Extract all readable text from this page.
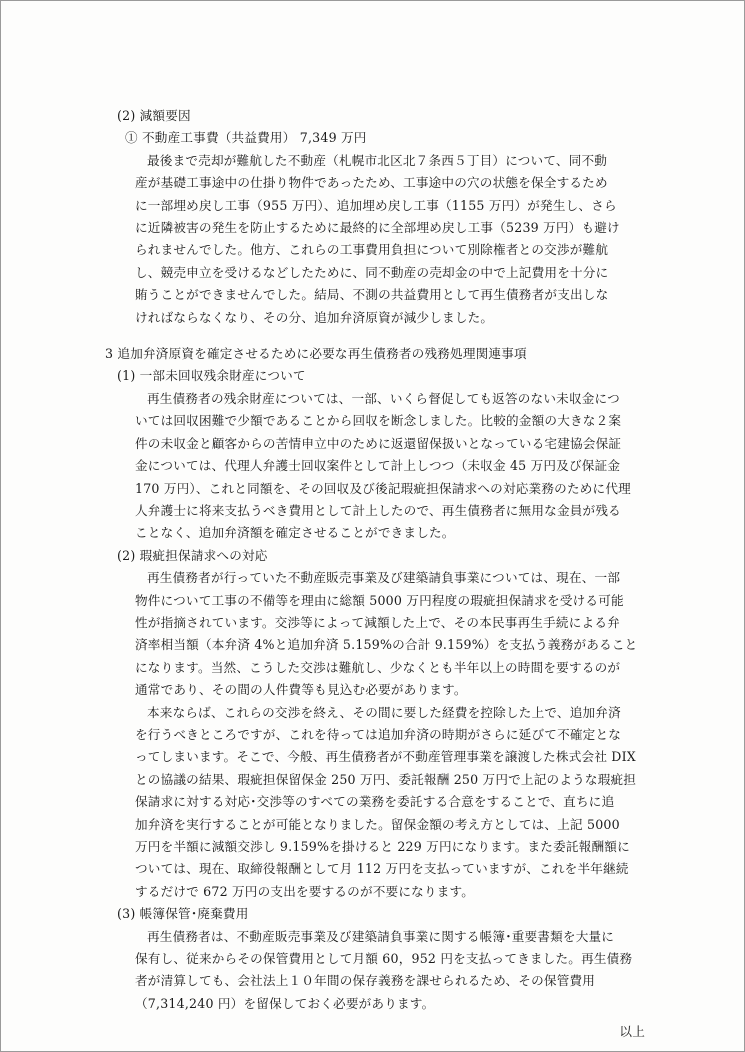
(2) 減額要因
① 不動産工事費（共益費用） 7,349 万円
最後まで売却が難航した不動産（札幌市北区北７条西５丁目）について、同不動
産が基礎工事途中の仕掛り物件であったため、工事途中の穴の状態を保全するため
に一部埋め戻し工事（955 万円）、追加埋め戻し工事（1155 万円）が発生し、さら
に近隣被害の発生を防止するために最終的に全部埋め戻し工事（5239 万円）も避け
られませんでした。他方、これらの工事費用負担について別除権者との交渉が難航
し、競売申立を受けるなどしたために、同不動産の売却金の中で上記費用を十分に
賄うことができませんでした。結局、不測の共益費用として再生債務者が支出しな
ければならなくなり、その分、追加弁済原資が減少しました。
3 追加弁済原資を確定させるために必要な再生債務者の残務処理関連事項
(1) 一部未回収残余財産について
再生債務者の残余財産については、一部、いくら督促しても返答のない未収金につ
いては回収困難で少額であることから回収を断念しました。比較的金額の大きな２案
件の未収金と顧客からの苦情申立中のために返還留保扱いとなっている宅建協会保証
金については、代理人弁護士回収案件として計上しつつ（未収金 45 万円及び保証金
170 万円）、これと同額を、その回収及び後記瑕疵担保請求への対応業務のために代理
人弁護士に将来支払うべき費用として計上したので、再生債務者に無用な金員が残る
ことなく、追加弁済額を確定させることができました。
(2) 瑕疵担保請求への対応
再生債務者が行っていた不動産販売事業及び建築請負事業については、現在、一部
物件について工事の不備等を理由に総額 5000 万円程度の瑕疵担保請求を受ける可能
性が指摘されています。交渉等によって減額した上で、その本民事再生手続による弁
済率相当額（本弁済 4%と追加弁済 5.159%の合計 9.159%）を支払う義務があること
になります。当然、こうした交渉は難航し、少なくとも半年以上の時間を要するのが
通常であり、その間の人件費等も見込む必要があります。
本来ならば、これらの交渉を終え、その間に要した経費を控除した上で、追加弁済
を行うべきところですが、これを待っては追加弁済の時期がさらに延びて不確定とな
ってしまいます。そこで、今般、再生債務者が不動産管理事業を譲渡した株式会社 DIX
との協議の結果、瑕疵担保留保金 250 万円、委託報酬 250 万円で上記のような瑕疵担
保請求に対する対応･交渉等のすべての業務を委託する合意をすることで、直ちに追
加弁済を実行することが可能となりました。留保金額の考え方としては、上記 5000
万円を半額に減額交渉し 9.159%を掛けると 229 万円になります。また委託報酬額に
ついては、現在、取締役報酬として月 112 万円を支払っていますが、これを半年継続
するだけで 672 万円の支出を要するのが不要になります。
(3) 帳簿保管･廃棄費用
再生債務者は、不動産販売事業及び建築請負事業に関する帳簿･重要書類を大量に
保有し、従来からその保管費用として月額 60，952 円を支払ってきました。再生債務
者が清算しても、会社法上１０年間の保存義務を課せられるため、その保管費用
（7,314,240 円）を留保しておく必要があります。
以上
